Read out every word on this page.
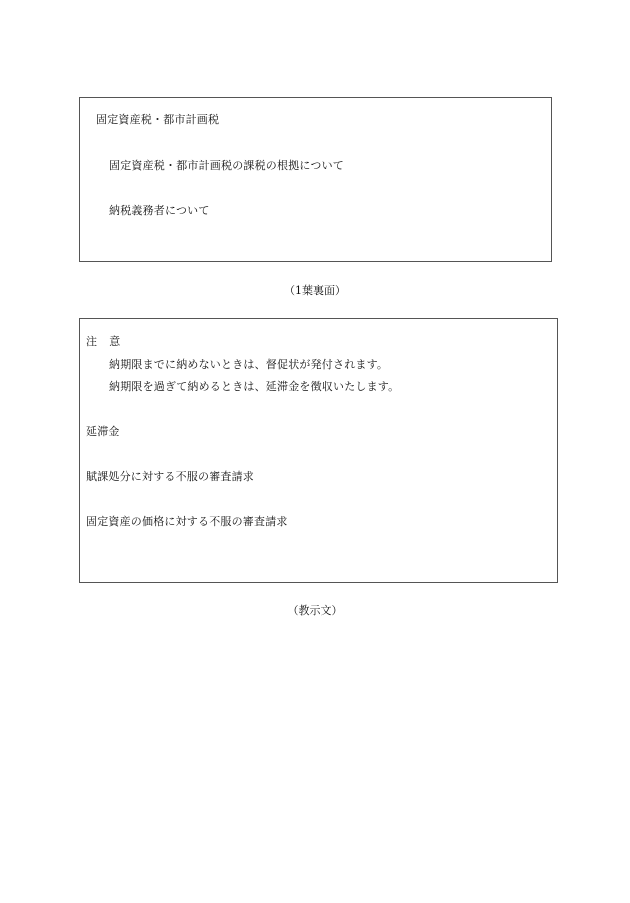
固定資産税・都市計画税
固定資産税・都市計画税の課税の根拠について
納税義務者について
（1葉裏面）
注 意
納期限までに納めないときは、督促状が発付されます。
納期限を過ぎて納めるときは、延滞金を徴収いたします。
延滞金
賦課処分に対する不服の審査請求
固定資産の価格に対する不服の審査請求
（教示文）
